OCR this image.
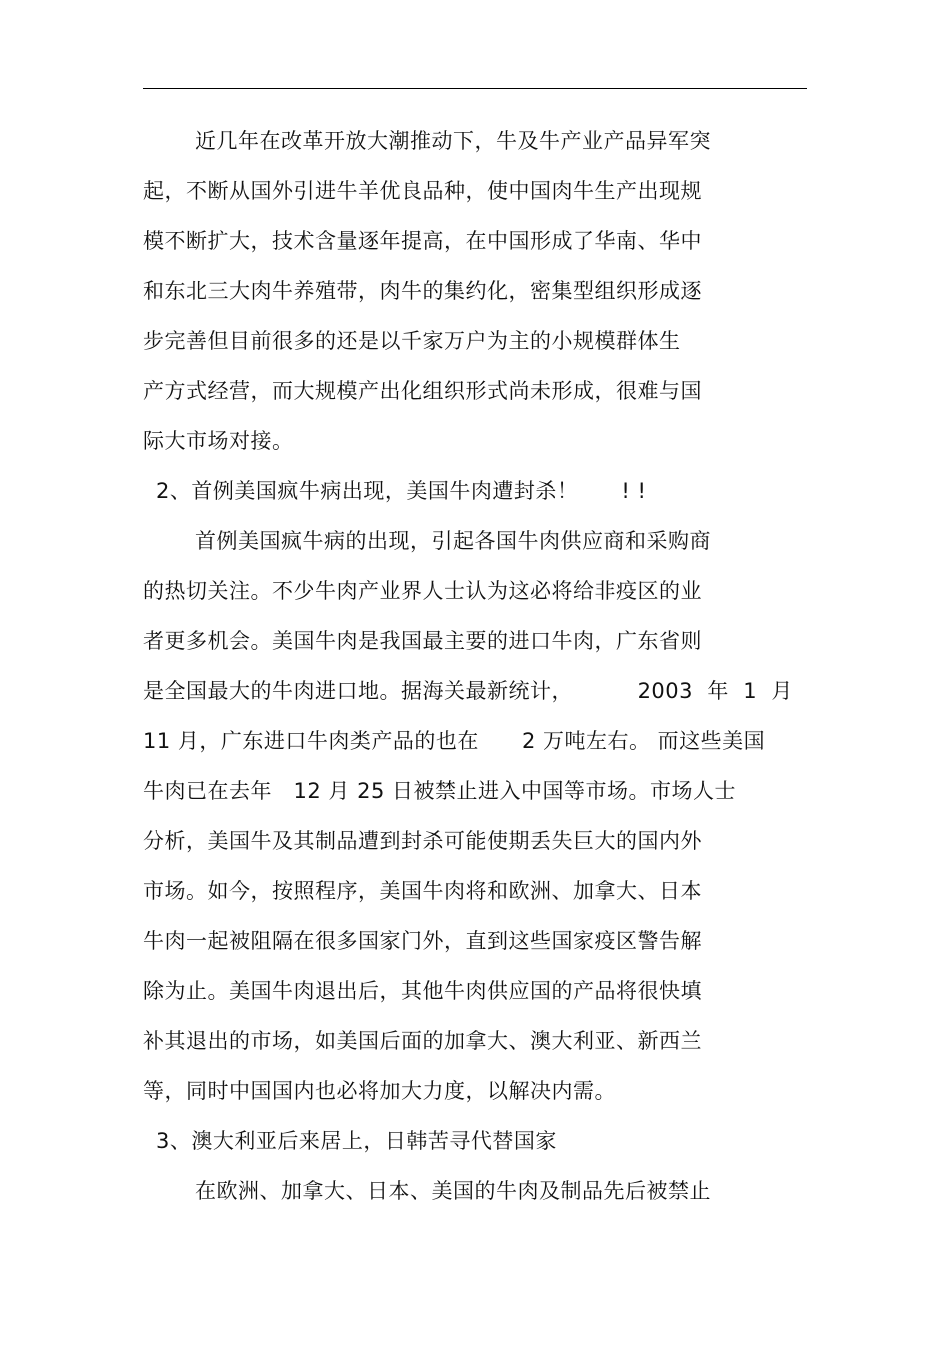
近几年在改革开放大潮推动下，牛及牛产业产品异军突
起，不断从国外引进牛羊优良品种，使中国肉牛生产出现规
模不断扩大，技术含量逐年提高，在中国形成了华南、华中
和东北三大肉牛养殖带，肉牛的集约化，密集型组织形成逐
步完善但目前很多的还是以千家万户为主的小规模群体生
产方式经营，而大规模产出化组织形式尚未形成，很难与国
际大市场对接。
2、首例美国疯牛病出现，美国牛肉遭封杀！      ! !
首例美国疯牛病的出现，引起各国牛肉供应商和采购商
的热切关注。不少牛肉产业界人士认为这必将给非疫区的业
者更多机会。美国牛肉是我国最主要的进口牛肉，广东省则
是全国最大的牛肉进口地。据海关最新统计，         2003  年  1  月
11 月，广东进口牛肉类产品的也在      2 万吨左右。 而这些美国
牛肉已在去年   12 月 25 日被禁止进入中国等市场。市场人士
分析，美国牛及其制品遭到封杀可能使期丢失巨大的国内外
市场。如今，按照程序，美国牛肉将和欧洲、加拿大、日本
牛肉一起被阻隔在很多国家门外，直到这些国家疫区警告解
除为止。美国牛肉退出后，其他牛肉供应国的产品将很快填
补其退出的市场，如美国后面的加拿大、澳大利亚、新西兰
等，同时中国国内也必将加大力度，以解决内需。
3、澳大利亚后来居上，日韩苦寻代替国家
在欧洲、加拿大、日本、美国的牛肉及制品先后被禁止
